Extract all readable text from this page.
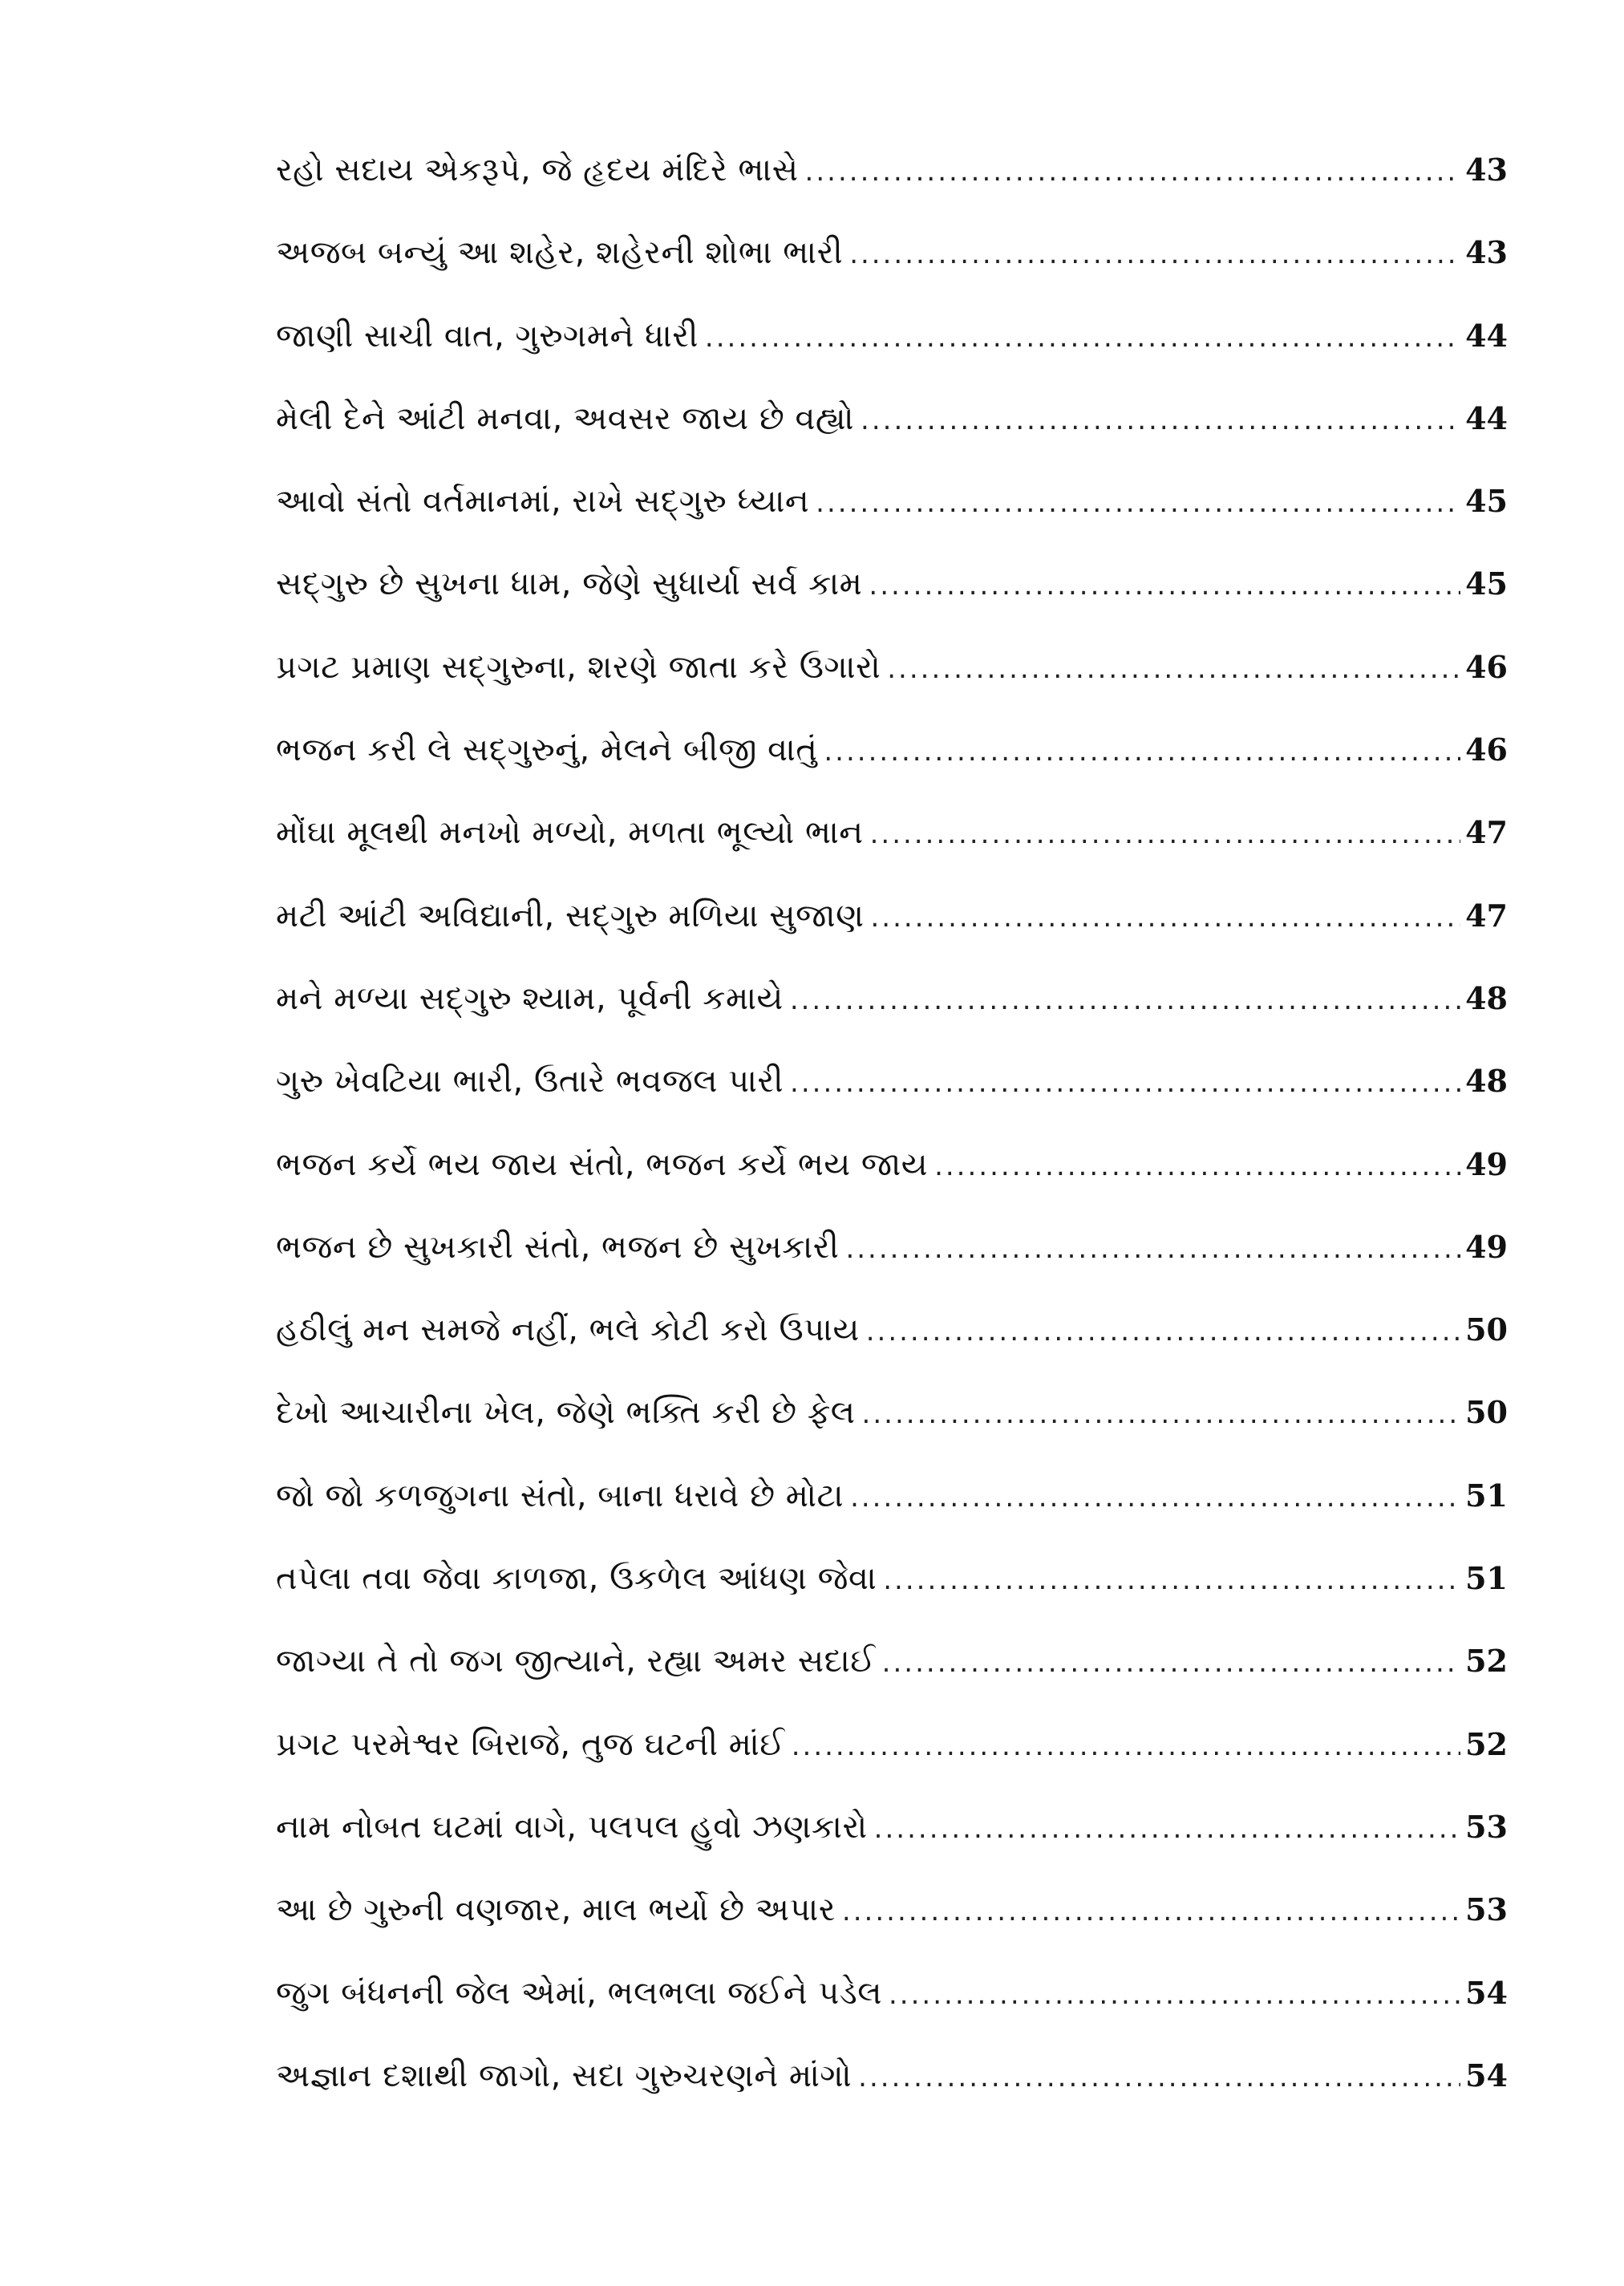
રહો સદાય એકરૂપે, જે હૃદય મંદિરે ભાસે .....	43
અજબ બન્યું આ શહેર, શહેરની શોભા ભારી .....	43
જાણી સાચી વાત, ગુરુગમને ધારી .....	44
મેલી દેને આંટી મનવા, અવસર જાય છે વહ્યો .....	44
આવો સંતો વર્તમાનમાં, રાખે સદ્‌ગુરુ ધ્યાન .....	45
સદ્‌ગુરુ છે સુખના ધામ, જેણે સુધાર્યા સર્વ કામ .....	45
પ્રગટ પ્રમાણ સદ્‌ગુરુના, શરણે જાતા કરે ઉગારો .....	46
ભજન કરી લે સદ્‌ગુરુનું, મેલને બીજી વાતું .....	46
મોંઘા મૂલથી મનખો મળ્યો, મળતા ભૂલ્યો ભાન .....	47
મટી આંટી અવિદ્યાની, સદ્‌ગુરુ મળિયા સુજાણ .....	47
મને મળ્યા સદ્‌ગુરુ શ્યામ, પૂર્વની કમાયે .....	48
ગુરુ ખેવટિયા ભારી, ઉતારે ભવજલ પારી .....	48
ભજન કર્યે ભય જાય સંતો, ભજન કર્યે ભય જાય .....	49
ભજન છે સુખકારી સંતો, ભજન છે સુખકારી .....	49
હઠીલું મન સમજે નહીં, ભલે કોટી કરો ઉપાય .....	50
દેખો આચારીના ખેલ, જેણે ભક્તિ કરી છે ફેલ .....	50
જો જો કળજુગના સંતો, બાના ધરાવે છે મોટા .....	51
તપેલા તવા જેવા કાળજા, ઉકળેલ આંધણ જેવા .....	51
જાગ્યા તે તો જગ જીત્યાને, રહ્યા અમર સદાઈ .....	52
પ્રગટ પરમેશ્વર બિરાજે, તુજ ઘટની માંઈ .....	52
નામ નોબત ઘટમાં વાગે, પલપલ હુવો ઝણકારો .....	53
આ છે ગુરુની વણજાર, માલ ભર્યો છે અપાર .....	53
જુગ બંધનની જેલ એમાં, ભલભલા જઈને પડેલ .....	54
અજ્ઞાન દશાથી જાગો, સદા ગુરુચરણને માંગો .....	54
